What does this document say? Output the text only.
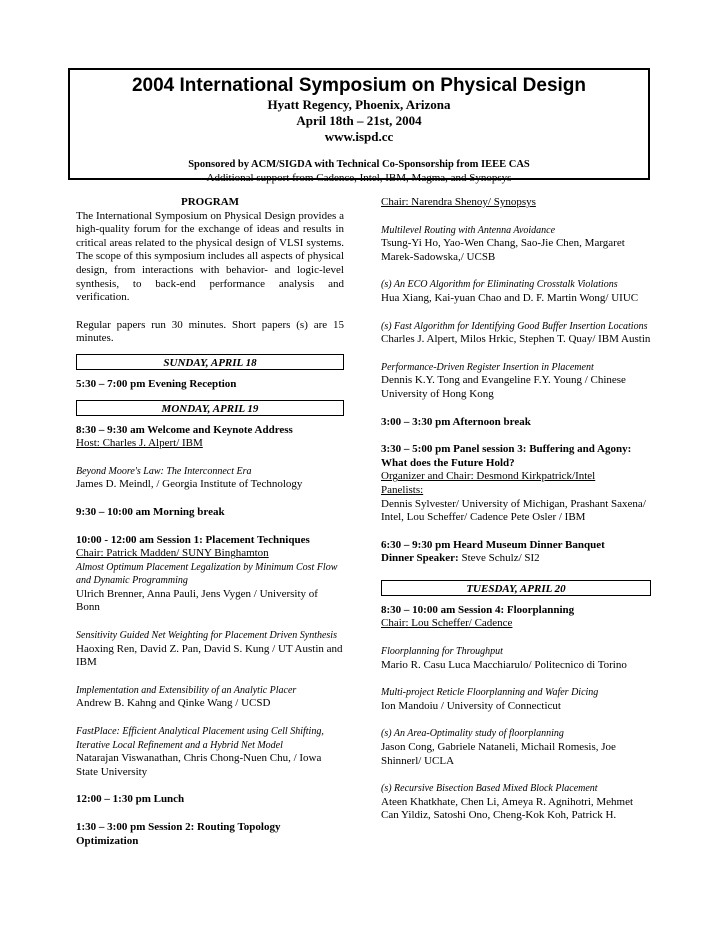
2004 International Symposium on Physical Design
Hyatt Regency, Phoenix, Arizona
April 18th – 21st, 2004
www.ispd.cc
Sponsored by ACM/SIGDA with Technical Co-Sponsorship from IEEE CAS
Additional support from Cadence, Intel, IBM, Magma, and Synopsys
PROGRAM
The International Symposium on Physical Design provides a high-quality forum for the exchange of ideas and results in critical areas related to the physical design of VLSI systems. The scope of this symposium includes all aspects of physical design, from interactions with behavior- and logic-level synthesis, to back-end performance analysis and verification.
Regular papers run 30 minutes. Short papers (s) are 15 minutes.
SUNDAY, APRIL 18
5:30 – 7:00 pm Evening Reception
MONDAY, APRIL 19
8:30 – 9:30 am Welcome and Keynote Address
Host: Charles J. Alpert/ IBM
Beyond Moore's Law: The Interconnect Era
James D. Meindl, / Georgia Institute of Technology
9:30 – 10:00 am Morning break
10:00 - 12:00 am Session 1: Placement Techniques
Chair: Patrick Madden/ SUNY Binghamton
Almost Optimum Placement Legalization by Minimum Cost Flow and Dynamic Programming
Ulrich Brenner, Anna Pauli, Jens Vygen / University of Bonn
Sensitivity Guided Net Weighting for Placement Driven Synthesis
Haoxing Ren, David Z. Pan, David S. Kung / UT Austin and IBM
Implementation and Extensibility of an Analytic Placer
Andrew B. Kahng and Qinke Wang / UCSD
FastPlace: Efficient Analytical Placement using Cell Shifting, Iterative Local Refinement and a Hybrid Net Model
Natarajan Viswanathan, Chris Chong-Nuen Chu, / Iowa State University
12:00 – 1:30 pm Lunch
1:30 – 3:00 pm Session 2: Routing Topology Optimization
Chair: Narendra Shenoy/ Synopsys
Multilevel Routing with Antenna Avoidance
Tsung-Yi Ho, Yao-Wen Chang, Sao-Jie Chen, Margaret Marek-Sadowska,/ UCSB
(s) An ECO Algorithm for Eliminating Crosstalk Violations
Hua Xiang, Kai-yuan Chao and D. F. Martin Wong/ UIUC
(s) Fast Algorithm for Identifying Good Buffer Insertion Locations
Charles J. Alpert, Milos Hrkic, Stephen T. Quay/ IBM Austin
Performance-Driven Register Insertion in Placement
Dennis K.Y. Tong and Evangeline F.Y. Young / Chinese University of Hong Kong
3:00 – 3:30 pm Afternoon break
3:30 – 5:00 pm Panel session 3: Buffering and Agony: What does the Future Hold?
Organizer and Chair: Desmond Kirkpatrick/Intel
Panelists:
Dennis Sylvester/ University of Michigan, Prashant Saxena/ Intel, Lou Scheffer/ Cadence Pete Osler / IBM
6:30 – 9:30 pm Heard Museum Dinner Banquet
Dinner Speaker: Steve Schulz/ SI2
TUESDAY, APRIL 20
8:30 – 10:00 am Session 4: Floorplanning
Chair: Lou Scheffer/ Cadence
Floorplanning for Throughput
Mario R. Casu Luca Macchiarulo/ Politecnico di Torino
Multi-project Reticle Floorplanning and Wafer Dicing
Ion Mandoiu / University of Connecticut
(s) An Area-Optimality study of floorplanning
Jason Cong, Gabriele Nataneli, Michail Romesis, Joe Shinnerl/ UCLA
(s) Recursive Bisection Based Mixed Block Placement
Ateen Khatkhate, Chen Li, Ameya R. Agnihotri, Mehmet Can Yildiz, Satoshi Ono, Cheng-Kok Koh, Patrick H.
